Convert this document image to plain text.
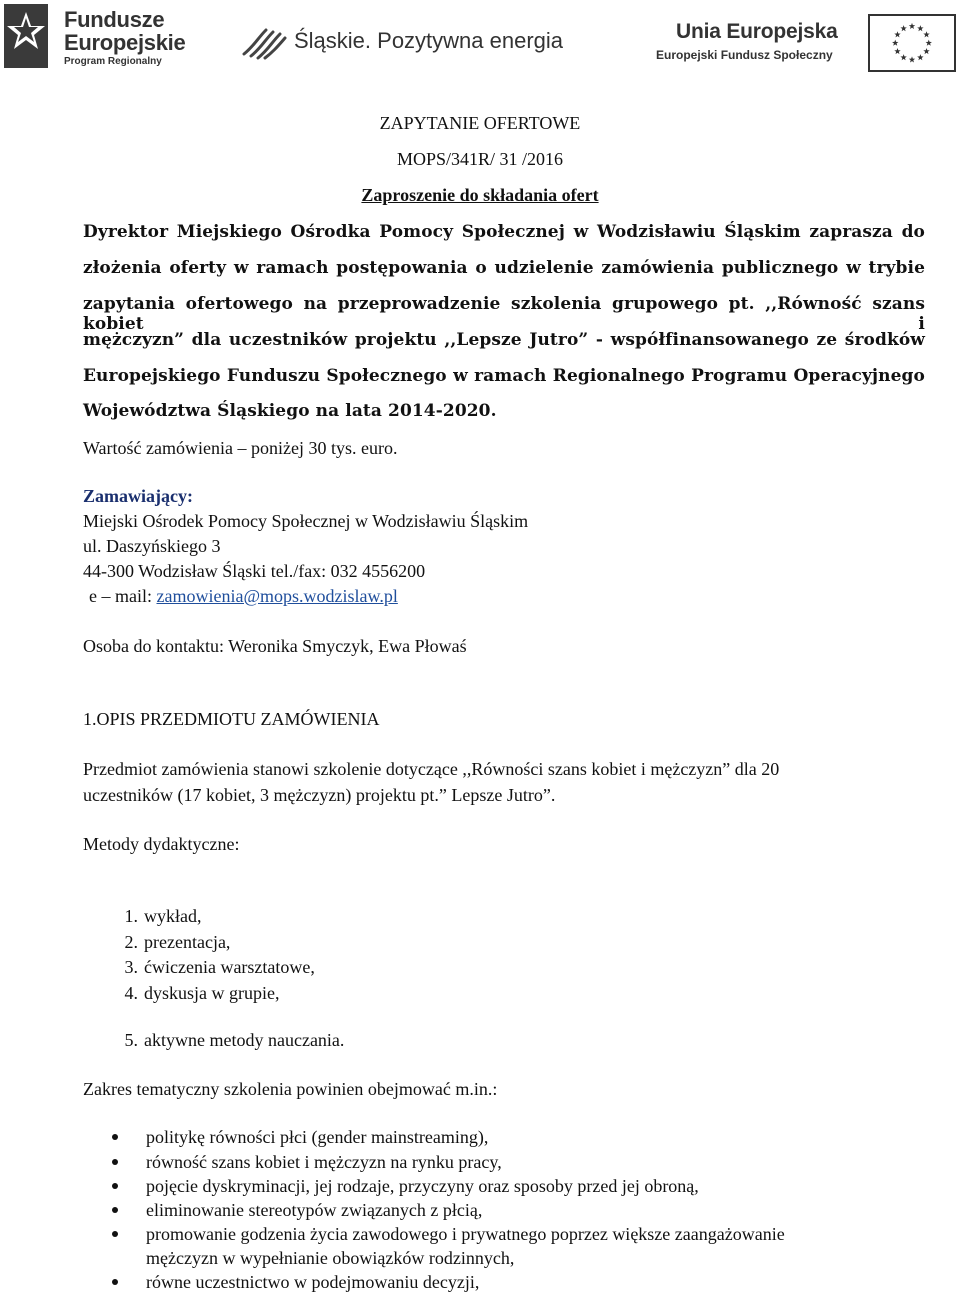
Fundusze
Europejskie
Program Regionalny
Śląskie. Pozytywna energia	Unia Europejska
Europejski Fundusz Społeczny
ZAPYTANIE OFERTOWE
MOPS/341R/ 31 /2016
Zaproszenie do składania ofert
Dyrektor Miejskiego Ośrodka Pomocy Społecznej w Wodzisławiu Śląskim zaprasza do
złożenia oferty w ramach postępowania o udzielenie zamówienia publicznego w trybie
zapytania ofertowego na przeprowadzenie szkolenia grupowego pt. ,,Równość szans kobiet i
mężczyzn” dla uczestników projektu ,,Lepsze Jutro” - współfinansowanego ze środków
Europejskiego Funduszu Społecznego w ramach Regionalnego Programu Operacyjnego
Województwa Śląskiego na lata 2014-2020.
Wartość zamówienia – poniżej 30 tys. euro.
Zamawiający:
Miejski Ośrodek Pomocy Społecznej w Wodzisławiu Śląskim
ul. Daszyńskiego 3
44-300 Wodzisław Śląski tel./fax: 032 4556200
e – mail: zamowienia@mops.wodzislaw.pl
Osoba do kontaktu: Weronika Smyczyk, Ewa Płowaś
1.OPIS PRZEDMIOTU ZAMÓWIENIA
Przedmiot zamówienia stanowi szkolenie dotyczące ,,Równości szans kobiet i mężczyzn” dla 20
uczestników (17 kobiet, 3 mężczyzn) projektu pt.” Lepsze Jutro”.
Metody dydaktyczne:
1. wykład,
2. prezentacja,
3. ćwiczenia warsztatowe,
4. dyskusja w grupie,
5. aktywne metody nauczania.
Zakres tematyczny szkolenia powinien obejmować m.in.:
politykę równości płci (gender mainstreaming),
równość szans kobiet i mężczyzn na rynku pracy,
pojęcie dyskryminacji, jej rodzaje, przyczyny oraz sposoby przed jej obroną,
eliminowanie stereotypów związanych z płcią,
promowanie godzenia życia zawodowego i prywatnego poprzez większe zaangażowanie
mężczyzn w wypełnianie obowiązków rodzinnych,
równe uczestnictwo w podejmowaniu decyzji,
